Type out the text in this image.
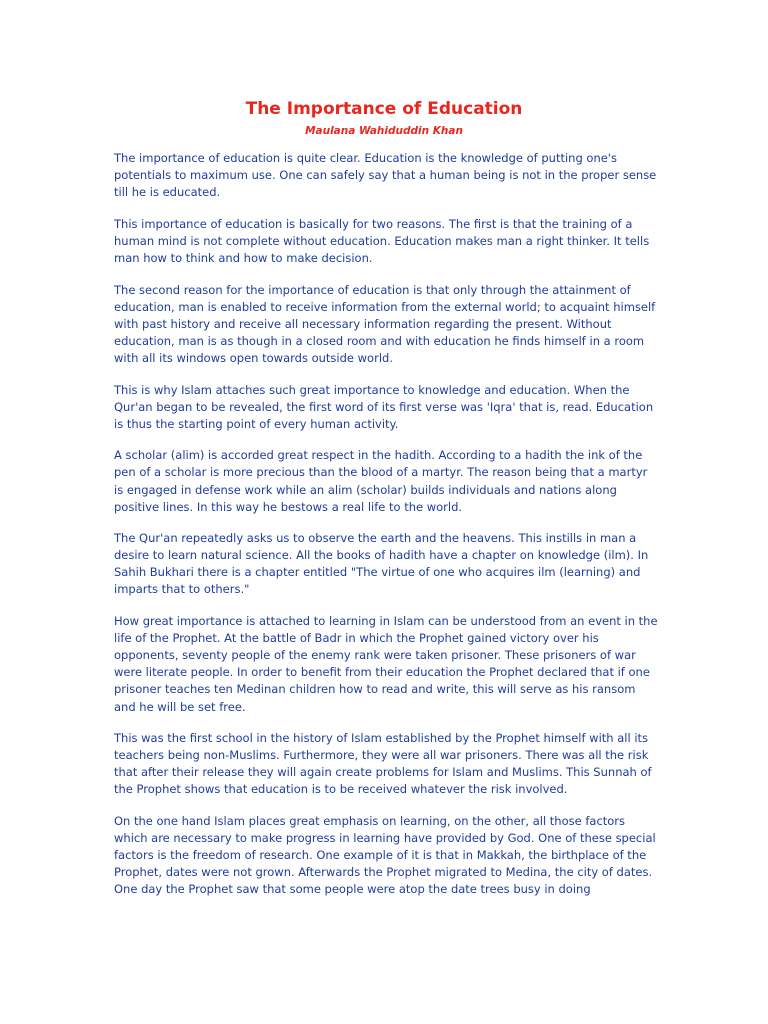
The Importance of Education
Maulana Wahiduddin Khan

The importance of education is quite clear. Education is the knowledge of putting one's potentials to maximum use. One can safely say that a human being is not in the proper sense till he is educated.

This importance of education is basically for two reasons. The first is that the training of a human mind is not complete without education. Education makes man a right thinker. It tells man how to think and how to make decision.

The second reason for the importance of education is that only through the attainment of education, man is enabled to receive information from the external world; to acquaint himself with past history and receive all necessary information regarding the present. Without education, man is as though in a closed room and with education he finds himself in a room with all its windows open towards outside world.

This is why Islam attaches such great importance to knowledge and education. When the Qur'an began to be revealed, the first word of its first verse was 'Iqra' that is, read. Education is thus the starting point of every human activity.

A scholar (alim) is accorded great respect in the hadith. According to a hadith the ink of the pen of a scholar is more precious than the blood of a martyr. The reason being that a martyr is engaged in defense work while an alim (scholar) builds individuals and nations along positive lines. In this way he bestows a real life to the world.

The Qur'an repeatedly asks us to observe the earth and the heavens. This instills in man a desire to learn natural science. All the books of hadith have a chapter on knowledge (ilm). In Sahih Bukhari there is a chapter entitled "The virtue of one who acquires ilm (learning) and imparts that to others."

How great importance is attached to learning in Islam can be understood from an event in the life of the Prophet. At the battle of Badr in which the Prophet gained victory over his opponents, seventy people of the enemy rank were taken prisoner. These prisoners of war were literate people. In order to benefit from their education the Prophet declared that if one prisoner teaches ten Medinan children how to read and write, this will serve as his ransom and he will be set free.

This was the first school in the history of Islam established by the Prophet himself with all its teachers being non-Muslims. Furthermore, they were all war prisoners. There was all the risk that after their release they will again create problems for Islam and Muslims. This Sunnah of the Prophet shows that education is to be received whatever the risk involved.

On the one hand Islam places great emphasis on learning, on the other, all those factors which are necessary to make progress in learning have provided by God. One of these special factors is the freedom of research. One example of it is that in Makkah, the birthplace of the Prophet, dates were not grown. Afterwards the Prophet migrated to Medina, the city of dates. One day the Prophet saw that some people were atop the date trees busy in doing
